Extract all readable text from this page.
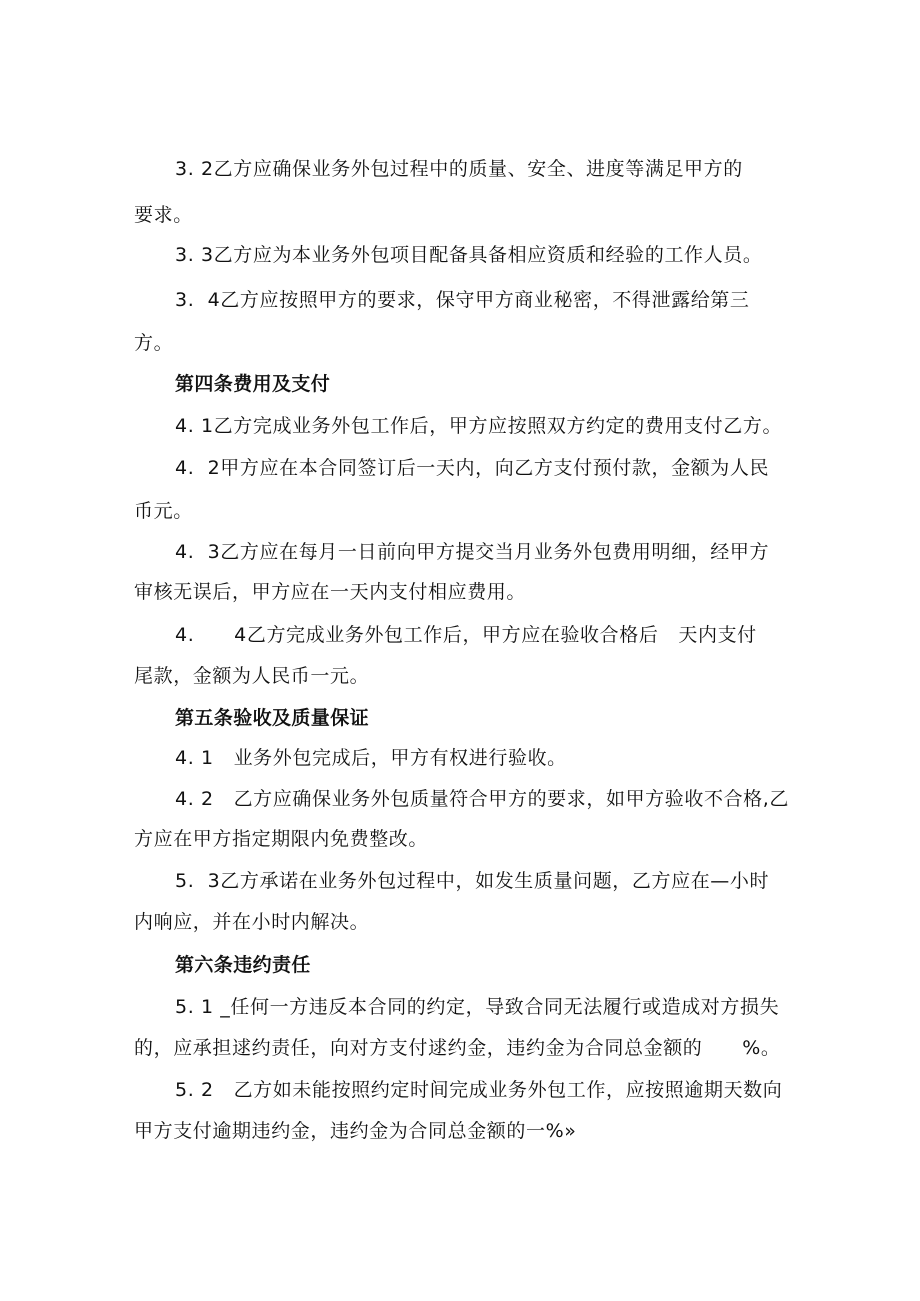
3. 2乙方应确保业务外包过程中的质量、安全、进度等满足甲方的
要求。
3. 3乙方应为本业务外包项目配备具备相应资质和经验的工作人员。
3.  4乙方应按照甲方的要求，保守甲方商业秘密，不得泄露给第三
方。
第四条费用及支付
4. 1乙方完成业务外包工作后，甲方应按照双方约定的费用支付乙方。
4.  2甲方应在本合同签订后一天内，向乙方支付预付款，金额为人民
币元。
4.  3乙方应在每月一日前向甲方提交当月业务外包费用明细，经甲方
审核无误后，甲方应在一天内支付相应费用。
4.      4乙方完成业务外包工作后，甲方应在验收合格后   天内支付
尾款，金额为人民币一元。
第五条验收及质量保证
4. 1   业务外包完成后，甲方有权进行验收。
4. 2   乙方应确保业务外包质量符合甲方的要求，如甲方验收不合格,乙
方应在甲方指定期限内免费整改。
5.  3乙方承诺在业务外包过程中，如发生质量问题，乙方应在—小时
内响应，并在小时内解决。
第六条违约责任
5. 1 _任何一方违反本合同的约定，导致合同无法履行或造成对方损失
的，应承担逑约责任，向对方支付逑约金，违约金为合同总金额的      %。
5. 2   乙方如未能按照约定时间完成业务外包工作，应按照逾期天数向
甲方支付逾期违约金，违约金为合同总金额的一%»
